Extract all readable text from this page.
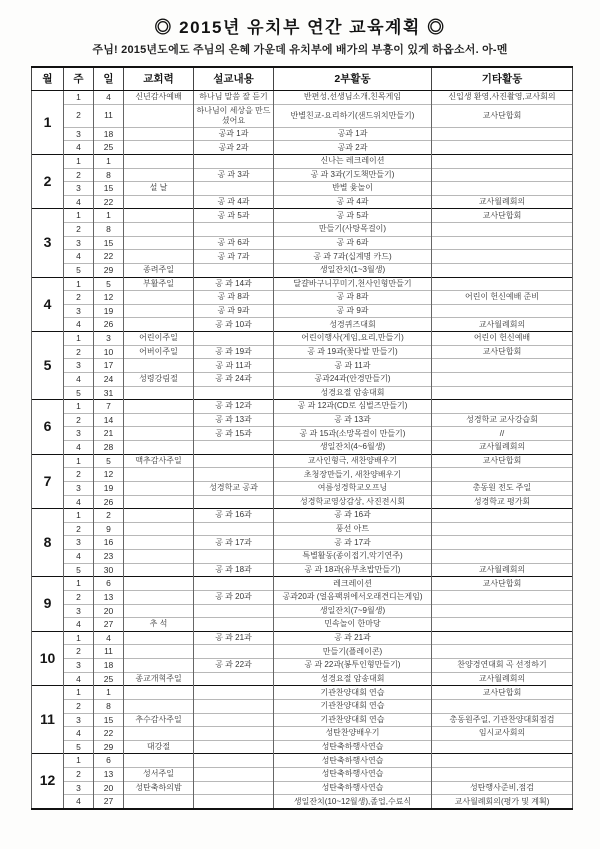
◎ 2015년 유치부 연간 교육계획 ◎
주님! 2015년도에도 주님의 은혜 가운데 유치부에 배가의 부흥이 있게 하옵소서. 아-멘
월	주	일	교회력	설교내용	2부활동	기타활동
1	1	4	신년감사예배	하나님 말씀 잘 듣기	반편성,선생님소개,친목게임	신입생 환영,사진촬영,교사회의
	2	11		하나님이 세상을 만드셨어요	반별친교-요리하기(샌드위치만들기)	교사단합회
	3	18		공과 1과	공과 1과	
	4	25		공과 2과	공과 2과	
2	1	1			신나는 레크레이션	
	2	8		공 과 3과	공 과 3과(기도책만들기)	
	3	15	설 날		반별 윷놀이	
	4	22		공 과 4과	공 과 4과	교사월례회의
3	1	1		공 과 5과	공 과 5과	교사단합회
	2	8			만들기(사탕목걸이)	
	3	15		공 과 6과	공 과 6과	
	4	22		공 과 7과	공 과 7과(십계명 카드)	
	5	29	종려주일		생일잔치(1~3월생)	
4	1	5	부활주일	공 과 14과	달걀바구니꾸미기,천사인형만들기	
	2	12		공 과 8과	공 과 8과	어린이 헌신예배 준비
	3	19		공 과 9과	공 과 9과	
	4	26		공 과 10과	성경퀴즈대회	교사월례회의
5	1	3	어린이주일		어린이행사(게임,요리,만들기)	어린이 헌신예배
	2	10	어버이주일	공 과 19과	공 과 19과(꽃다발 만들기)	교사단합회
	3	17		공 과 11과	공 과 11과	
	4	24	성령강림절	공 과 24과	공과24과(안경만들기)	
	5	31			성경요절 암송대회	
6	1	7		공 과 12과	공 과 12과(CD로 심벌즈만들기)	
	2	14		공 과 13과	공 과 13과	성경학교 교사강습회
	3	21		공 과 15과	공 과 15과(소망목걸이 만들기)	//
	4	28			생일잔치(4~6월생)	교사월례회의
7	1	5	맥추감사주일		교사인형극, 새찬양배우기	교사단합회
	2	12			초청장만들기, 새찬양배우기	
	3	19		성경학교 공과	여름성경학교오프닝	총동원 전도 주일
	4	26			성경학교영상감상, 사진전시회	성경학교 평가회
8	1	2		공 과 16과	공 과 16과	
	2	9			풍선 아트	
	3	16		공 과 17과	공 과 17과	
	4	23			특별활동(종이접기,악기연주)	
	5	30		공 과 18과	공 과 18과(유부초밥만들기)	교사월례회의
9	1	6			레크레이션	교사단합회
	2	13		공 과 20과	공과20과 (얼음팩위에서오래견디는게임)	
	3	20			생일잔치(7~9월생)	
	4	27	추 석		민속놀이 한마당	
10	1	4		공 과 21과	공 과 21과	
	2	11			만들기(플레이콘)	
	3	18		공 과 22과	공 과 22과(봉투인형만들기)	찬양경연대회 곡 선정하기
	4	25	종교개혁주일		성경요절 암송대회	교사월례회의
11	1	1			기관찬양대회 연습	교사단합회
	2	8			기관찬양대회 연습	
	3	15	추수감사주일		기관찬양대회 연습	총동원주일, 기관찬양대회점검
	4	22			성탄찬양배우기	임시교사회의
	5	29	대강절		성탄축하행사연습	
12	1	6			성탄축하행사연습	
	2	13	성서주일		성탄축하행사연습	
	3	20	성탄축하의밤		성탄축하행사연습	성탄행사준비,점검
	4	27			생일잔치(10~12월생),졸업,수료식	교사월례회의(평가 및 계획)
